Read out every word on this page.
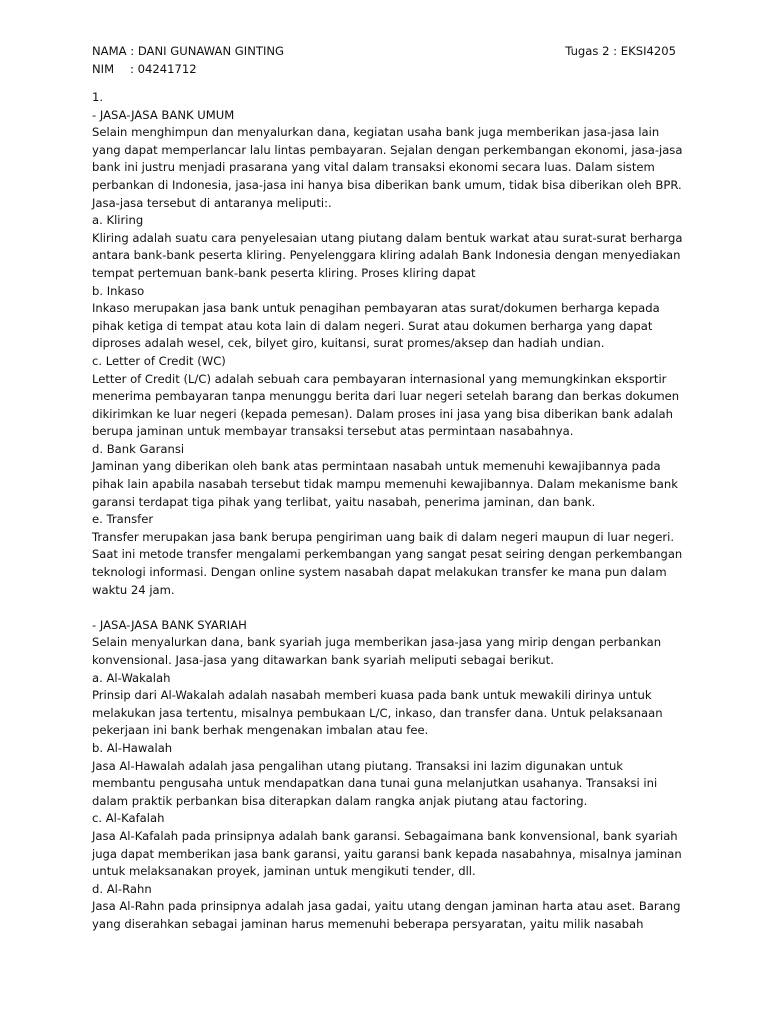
NAMA : DANI GUNAWAN GINTING
NIM : 04241712
Tugas 2 : EKSI4205
1.
- JASA-JASA BANK UMUM
Selain menghimpun dan menyalurkan dana, kegiatan usaha bank juga memberikan jasa-jasa lain
yang dapat memperlancar lalu lintas pembayaran. Sejalan dengan perkembangan ekonomi, jasa-jasa
bank ini justru menjadi prasarana yang vital dalam transaksi ekonomi secara luas. Dalam sistem
perbankan di Indonesia, jasa-jasa ini hanya bisa diberikan bank umum, tidak bisa diberikan oleh BPR.
Jasa-jasa tersebut di antaranya meliputi:.
a. Kliring
Kliring adalah suatu cara penyelesaian utang piutang dalam bentuk warkat atau surat-surat berharga
antara bank-bank peserta kliring. Penyelenggara kliring adalah Bank Indonesia dengan menyediakan
tempat pertemuan bank-bank peserta kliring. Proses kliring dapat
b. Inkaso
Inkaso merupakan jasa bank untuk penagihan pembayaran atas surat/dokumen berharga kepada
pihak ketiga di tempat atau kota lain di dalam negeri. Surat atau dokumen berharga yang dapat
diproses adalah wesel, cek, bilyet giro, kuitansi, surat promes/aksep dan hadiah undian.
c. Letter of Credit (WC)
Letter of Credit (L/C) adalah sebuah cara pembayaran internasional yang memungkinkan eksportir
menerima pembayaran tanpa menunggu berita dari luar negeri setelah barang dan berkas dokumen
dikirimkan ke luar negeri (kepada pemesan). Dalam proses ini jasa yang bisa diberikan bank adalah
berupa jaminan untuk membayar transaksi tersebut atas permintaan nasabahnya.
d. Bank Garansi
Jaminan yang diberikan oleh bank atas permintaan nasabah untuk memenuhi kewajibannya pada
pihak lain apabila nasabah tersebut tidak mampu memenuhi kewajibannya. Dalam mekanisme bank
garansi terdapat tiga pihak yang terlibat, yaitu nasabah, penerima jaminan, dan bank.
e. Transfer
Transfer merupakan jasa bank berupa pengiriman uang baik di dalam negeri maupun di luar negeri.
Saat ini metode transfer mengalami perkembangan yang sangat pesat seiring dengan perkembangan
teknologi informasi. Dengan online system nasabah dapat melakukan transfer ke mana pun dalam
waktu 24 jam.
- JASA-JASA BANK SYARIAH
Selain menyalurkan dana, bank syariah juga memberikan jasa-jasa yang mirip dengan perbankan
konvensional. Jasa-jasa yang ditawarkan bank syariah meliputi sebagai berikut.
a. Al-Wakalah
Prinsip dari Al-Wakalah adalah nasabah memberi kuasa pada bank untuk mewakili dirinya untuk
melakukan jasa tertentu, misalnya pembukaan L/C, inkaso, dan transfer dana. Untuk pelaksanaan
pekerjaan ini bank berhak mengenakan imbalan atau fee.
b. Al-Hawalah
Jasa Al-Hawalah adalah jasa pengalihan utang piutang. Transaksi ini lazim digunakan untuk
membantu pengusaha untuk mendapatkan dana tunai guna melanjutkan usahanya. Transaksi ini
dalam praktik perbankan bisa diterapkan dalam rangka anjak piutang atau factoring.
c. Al-Kafalah
Jasa Al-Kafalah pada prinsipnya adalah bank garansi. Sebagaimana bank konvensional, bank syariah
juga dapat memberikan jasa bank garansi, yaitu garansi bank kepada nasabahnya, misalnya jaminan
untuk melaksanakan proyek, jaminan untuk mengikuti tender, dll.
d. Al-Rahn
Jasa Al-Rahn pada prinsipnya adalah jasa gadai, yaitu utang dengan jaminan harta atau aset. Barang
yang diserahkan sebagai jaminan harus memenuhi beberapa persyaratan, yaitu milik nasabah
